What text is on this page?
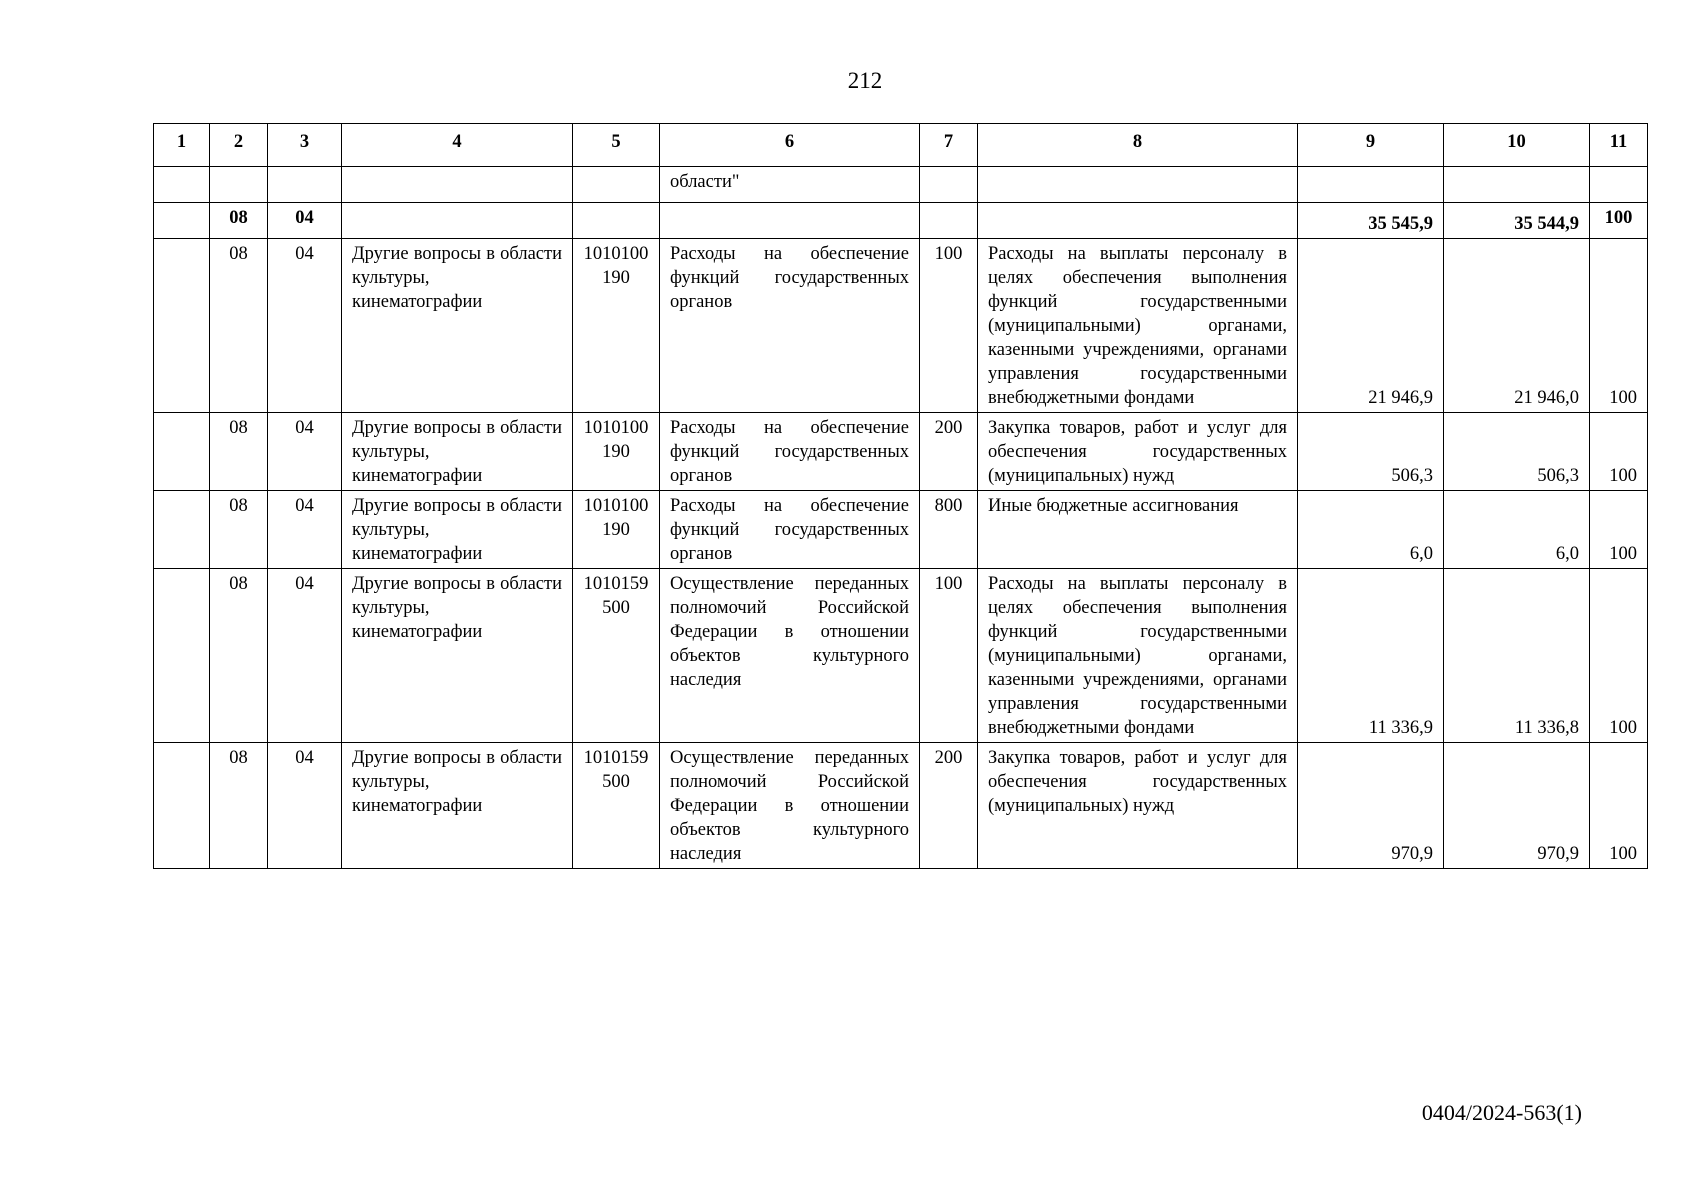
212
1	2	3	4	5	6	7	8	9	10	11
					области"					
	08	04						35 545,9	35 544,9	100
	08	04	Другие вопросы в области культуры, кинематографии	1010100190	Расходы на обеспечение функций государственных органов	100	Расходы на выплаты персоналу в целях обеспечения выполнения функций государственными (муниципальными) органами, казенными учреждениями, органами управления государственными внебюджетными фондами	21 946,9	21 946,0	100
	08	04	Другие вопросы в области культуры, кинематографии	1010100190	Расходы на обеспечение функций государственных органов	200	Закупка товаров, работ и услуг для обеспечения государственных (муниципальных) нужд	506,3	506,3	100
	08	04	Другие вопросы в области культуры, кинематографии	1010100190	Расходы на обеспечение функций государственных органов	800	Иные бюджетные ассигнования	6,0	6,0	100
	08	04	Другие вопросы в области культуры, кинематографии	1010159500	Осуществление переданных полномочий Российской Федерации в отношении объектов культурного наследия	100	Расходы на выплаты персоналу в целях обеспечения выполнения функций государственными (муниципальными) органами, казенными учреждениями, органами управления государственными внебюджетными фондами	11 336,9	11 336,8	100
	08	04	Другие вопросы в области культуры, кинематографии	1010159500	Осуществление переданных полномочий Российской Федерации в отношении объектов культурного наследия	200	Закупка товаров, работ и услуг для обеспечения государственных (муниципальных) нужд	970,9	970,9	100
0404/2024-563(1)
